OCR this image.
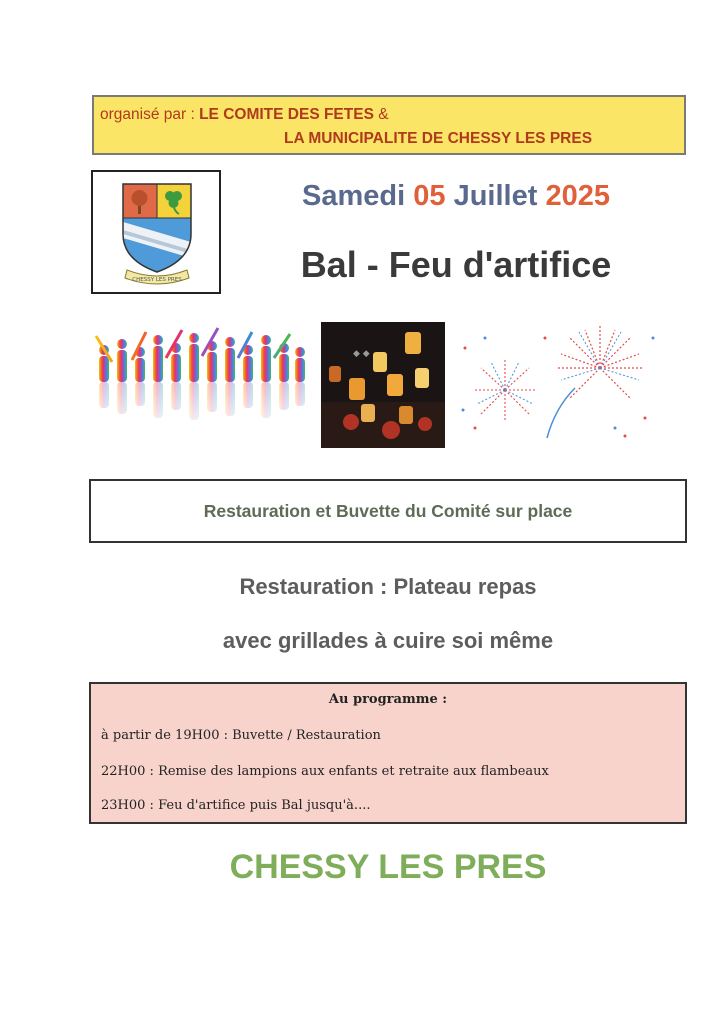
organisé par : LE COMITE DES FETES &
LA MUNICIPALITE DE CHESSY LES PRES
CHESSY LES PRES
Samedi 05 Juillet 2025
Bal - Feu d'artifice
◆ ◆
Restauration et Buvette du Comité sur place
Restauration : Plateau repas
avec grillades à cuire soi même
Au programme :
à partir de 19H00 : Buvette / Restauration
22H00 : Remise des lampions aux enfants et retraite aux flambeaux
23H00 : Feu d'artifice puis Bal jusqu'à....
CHESSY LES PRES
